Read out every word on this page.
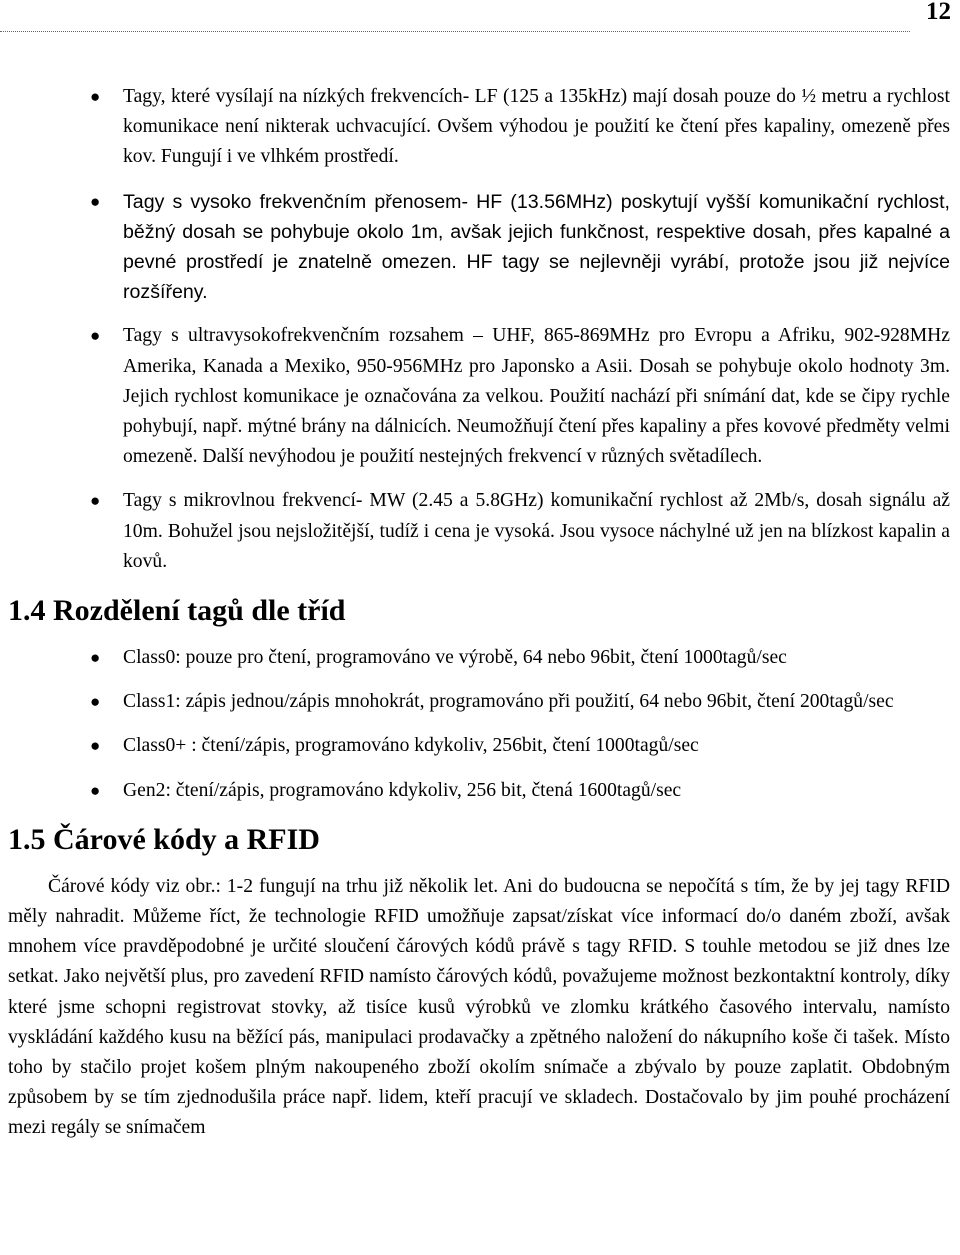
12
● Tagy, které vysílají na nízkých frekvencích- LF (125 a 135kHz) mají dosah pouze do ½ metru a rychlost komunikace není nikterak uchvacující. Ovšem výhodou je použití ke čtení přes kapaliny, omezeně přes kov. Fungují i ve vlhkém prostředí.
● Tagy s vysoko frekvenčním přenosem- HF (13.56MHz) poskytují vyšší komunikační rychlost, běžný dosah se pohybuje okolo 1m, avšak jejich funkčnost, respektive dosah, přes kapalné a pevné prostředí je znatelně omezen. HF tagy se nejlevněji vyrábí, protože jsou již nejvíce rozšířeny.
● Tagy s ultravysokofrekvenčním rozsahem – UHF, 865-869MHz pro Evropu a Afriku, 902-928MHz Amerika, Kanada a Mexiko, 950-956MHz pro Japonsko a Asii. Dosah se pohybuje okolo hodnoty 3m. Jejich rychlost komunikace je označována za velkou. Použití nachází při snímání dat, kde se čipy rychle pohybují, např. mýtné brány na dálnicích. Neumožňují čtení přes kapaliny a přes kovové předměty velmi omezeně. Další nevýhodou je použití nestejných frekvencí v různých světadílech.
● Tagy s mikrovlnou frekvencí- MW (2.45 a 5.8GHz) komunikační rychlost až 2Mb/s, dosah signálu až 10m. Bohužel jsou nejsložitější, tudíž i cena je vysoká. Jsou vysoce náchylné už jen na blízkost kapalin a kovů.
1.4 Rozdělení tagů dle tříd
● Class0: pouze pro čtení, programováno ve výrobě, 64 nebo 96bit, čtení 1000tagů/sec
● Class1: zápis jednou/zápis mnohokrát, programováno při použití, 64 nebo 96bit, čtení 200tagů/sec
● Class0+ : čtení/zápis, programováno kdykoliv, 256bit, čtení 1000tagů/sec
● Gen2: čtení/zápis, programováno kdykoliv, 256 bit, čtená 1600tagů/sec
1.5 Čárové kódy a RFID

Čárové kódy viz obr.: 1-2 fungují na trhu již několik let. Ani do budoucna se nepočítá s tím, že by jej tagy RFID měly nahradit. Můžeme říct, že technologie RFID umožňuje zapsat/získat více informací do/o daném zboží, avšak mnohem více pravděpodobné je určité sloučení čárových kódů právě s tagy RFID. S touhle metodou se již dnes lze setkat. Jako největší plus, pro zavedení RFID namísto čárových kódů, považujeme možnost bezkontaktní kontroly, díky které jsme schopni registrovat stovky, až tisíce kusů výrobků ve zlomku krátkého časového intervalu, namísto vyskládání každého kusu na běžící pás, manipulaci prodavačky a zpětného naložení do nákupního koše či tašek. Místo toho by stačilo projet košem plným nakoupeného zboží okolím snímače a zbývalo by pouze zaplatit. Obdobným způsobem by se tím zjednodušila práce např. lidem, kteří pracují ve skladech. Dostačovalo by jim pouhé procházení mezi regály se snímačem
